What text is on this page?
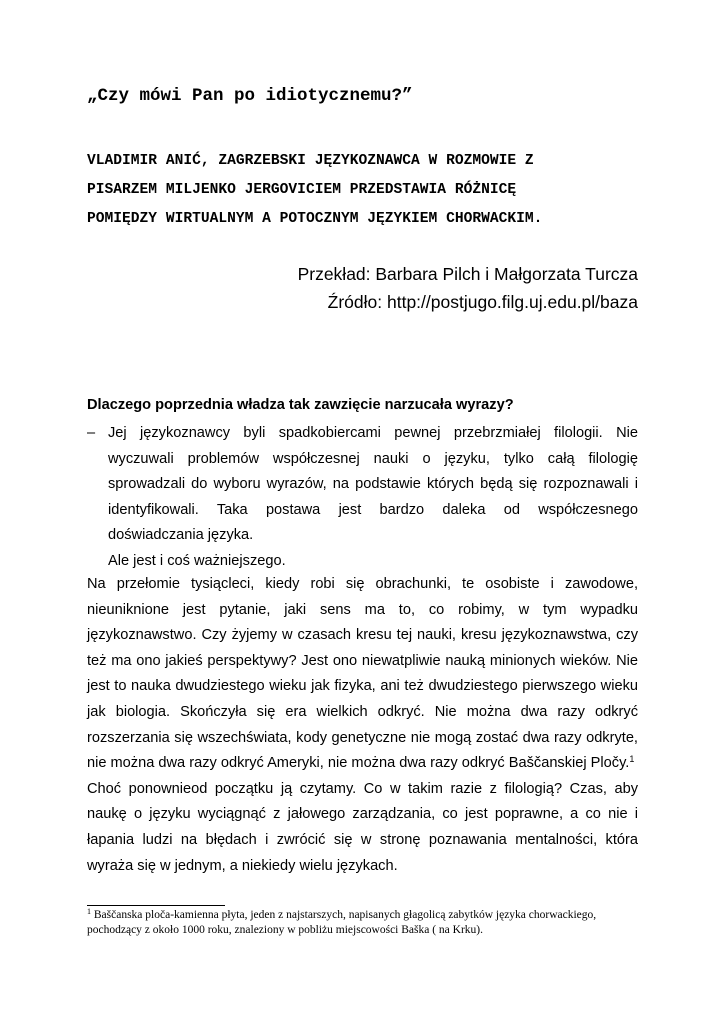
„Czy mówi Pan po idiotycznemu?”
VLADIMIR ANIĆ, ZAGRZEBSKI JĘZYKOZNAWCA W ROZMOWIE Z
PISARZEM MILJENKO JERGOVICIEM PRZEDSTAWIA RÓŻNICĘ
POMIĘDZY WIRTUALNYM A POTOCZNYM JĘZYKIEM CHORWACKIM.
Przekład: Barbara Pilch i Małgorzata Turcza
Źródło: http://postjugo.filg.uj.edu.pl/baza

Dlaczego poprzednia władza tak zawzięcie narzucała wyrazy?

– Jej językoznawcy byli spadkobiercami pewnej przebrzmiałej filologii. Nie wyczuwali problemów współczesnej nauki o języku, tylko całą filologię sprowadzali do wyboru wyrazów, na podstawie których będą się rozpoznawali i identyfikowali. Taka postawa jest bardzo daleka od współczesnego doświadczania języka.
Ale jest i coś ważniejszego.

Na przełomie tysiącleci, kiedy robi się obrachunki, te osobiste i zawodowe,
nieuniknione jest pytanie, jaki sens ma to, co robimy, w tym wypadku
językoznawstwo. Czy żyjemy w czasach kresu tej nauki, kresu językoznawstwa, czy
też ma ono jakieś perspektywy? Jest ono niewatpliwie nauką minionych wieków. Nie
jest to nauka dwudziestego wieku jak fizyka, ani też dwudziestego pierwszego wieku
jak biologia. Skończyła się era wielkich odkryć. Nie można dwa razy odkryć
rozszerzania się wszechświata, kody genetyczne nie mogą zostać dwa razy odkryte,
nie można dwa razy odkryć Ameryki, nie można dwa razy odkryć Baščanskiej Pločy.$^1$
Choć ponownieod początku ją czytamy. Co w takim razie z filologią? Czas, aby
naukę o języku wyciągnąć z jałowego zarządzania, co jest poprawne, a co nie i
łapania ludzi na błędach i zwrócić się w stronę poznawania mentalności, która
wyraża się w jednym, a niekiedy wielu językach.

$^1$ Baščanska ploča-kamienna płyta, jeden z najstarszych, napisanych głagolicą zabytków języka chorwackiego, pochodzący z około 1000 roku, znaleziony w pobliżu miejscowości Baška ( na Krku).
